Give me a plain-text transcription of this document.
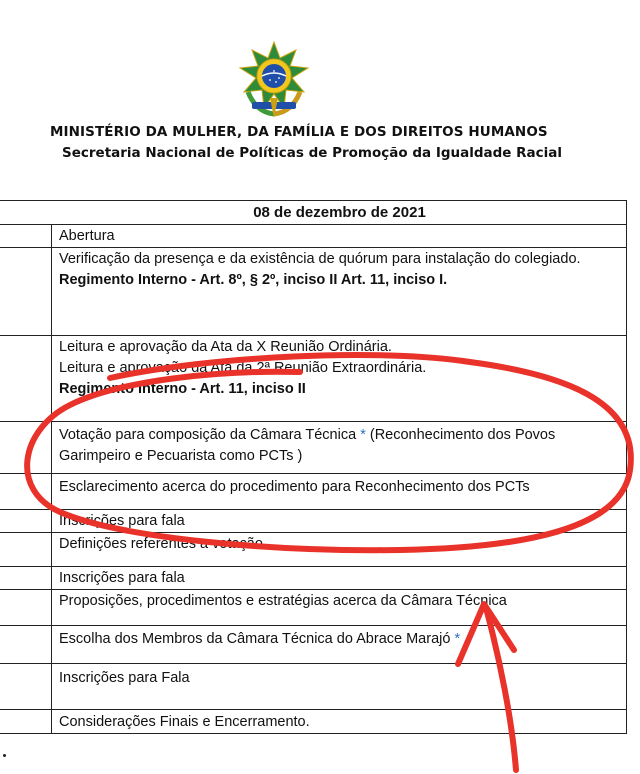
MINISTÉRIO DA MULHER, DA FAMÍLIA E DOS DIREITOS HUMANOS
Secretaria Nacional de Políticas de Promoção da Igualdade Racial
08 de dezembro de 2021	

	Abertura

	Verificação da presença e da existência de quórum para instalação do colegiado.
Regimento Interno - Art. 8º, § 2º, inciso II Art. 11, inciso I.

	Leitura e aprovação da Ata da X Reunião Ordinária.
Leitura e aprovação da Ata da 2ª Reunião Extraordinária.
Regimento Interno - Art. 11, inciso II

	Votação para composição da Câmara Técnica * (Reconhecimento dos Povos Garimpeiro e Pecuarista como PCTs )

	Esclarecimento acerca do procedimento para Reconhecimento dos PCTs

	Inscrições para fala

	Definições referentes a votação.

	Inscrições para fala

	Proposições, procedimentos e estratégias acerca da Câmara Técnica

	Escolha dos Membros da Câmara Técnica do Abrace Marajó *

	Inscrições para Fala

	Considerações Finais e Encerramento.
